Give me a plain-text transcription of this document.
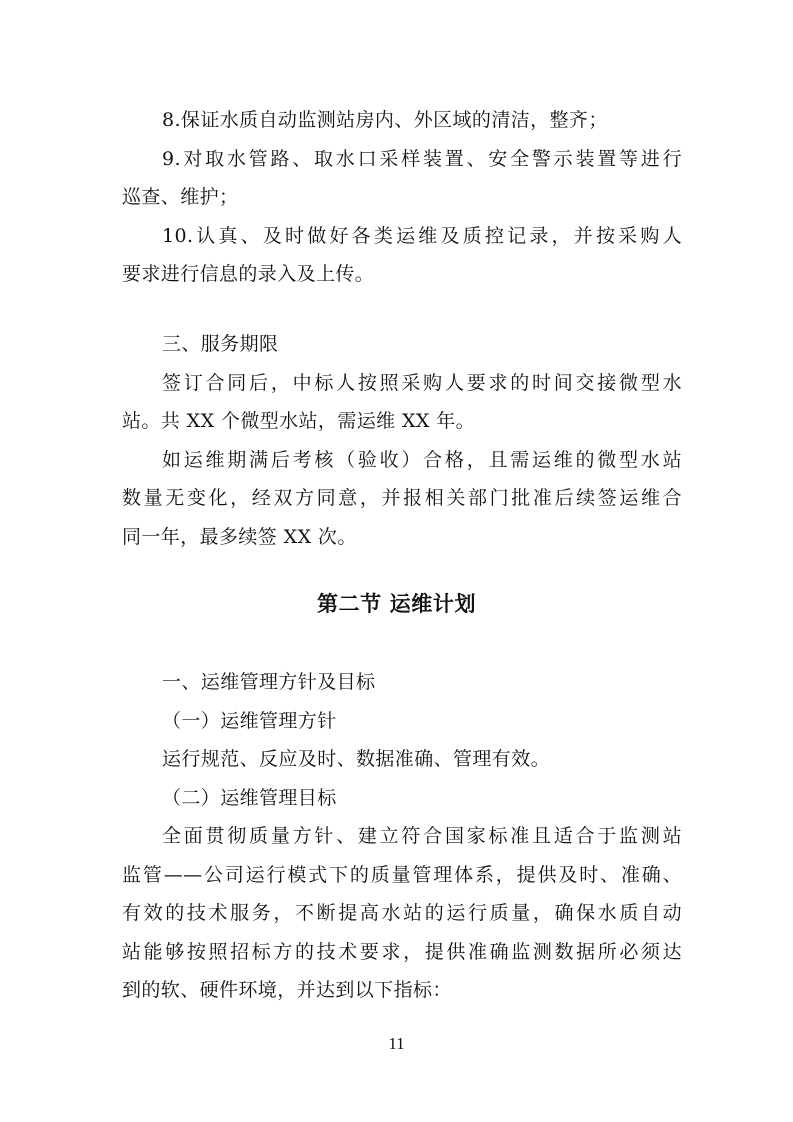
8.保证水质自动监测站房内、外区域的清洁，整齐；
9.对取水管路、取水口采样装置、安全警示装置等进行
巡查、维护；
10.认真、及时做好各类运维及质控记录，并按采购人
要求进行信息的录入及上传。
三、服务期限
签订合同后，中标人按照采购人要求的时间交接微型水
站。共 XX 个微型水站，需运维 XX 年。
如运维期满后考核（验收）合格，且需运维的微型水站
数量无变化，经双方同意，并报相关部门批准后续签运维合
同一年，最多续签 XX 次。
第二节 运维计划
一、运维管理方针及目标
（一）运维管理方针
运行规范、反应及时、数据准确、管理有效。
（二）运维管理目标
全面贯彻质量方针、建立符合国家标准且适合于监测站
监管——公司运行模式下的质量管理体系，提供及时、准确、
有效的技术服务，不断提高水站的运行质量，确保水质自动
站能够按照招标方的技术要求，提供准确监测数据所必须达
到的软、硬件环境，并达到以下指标：
11
